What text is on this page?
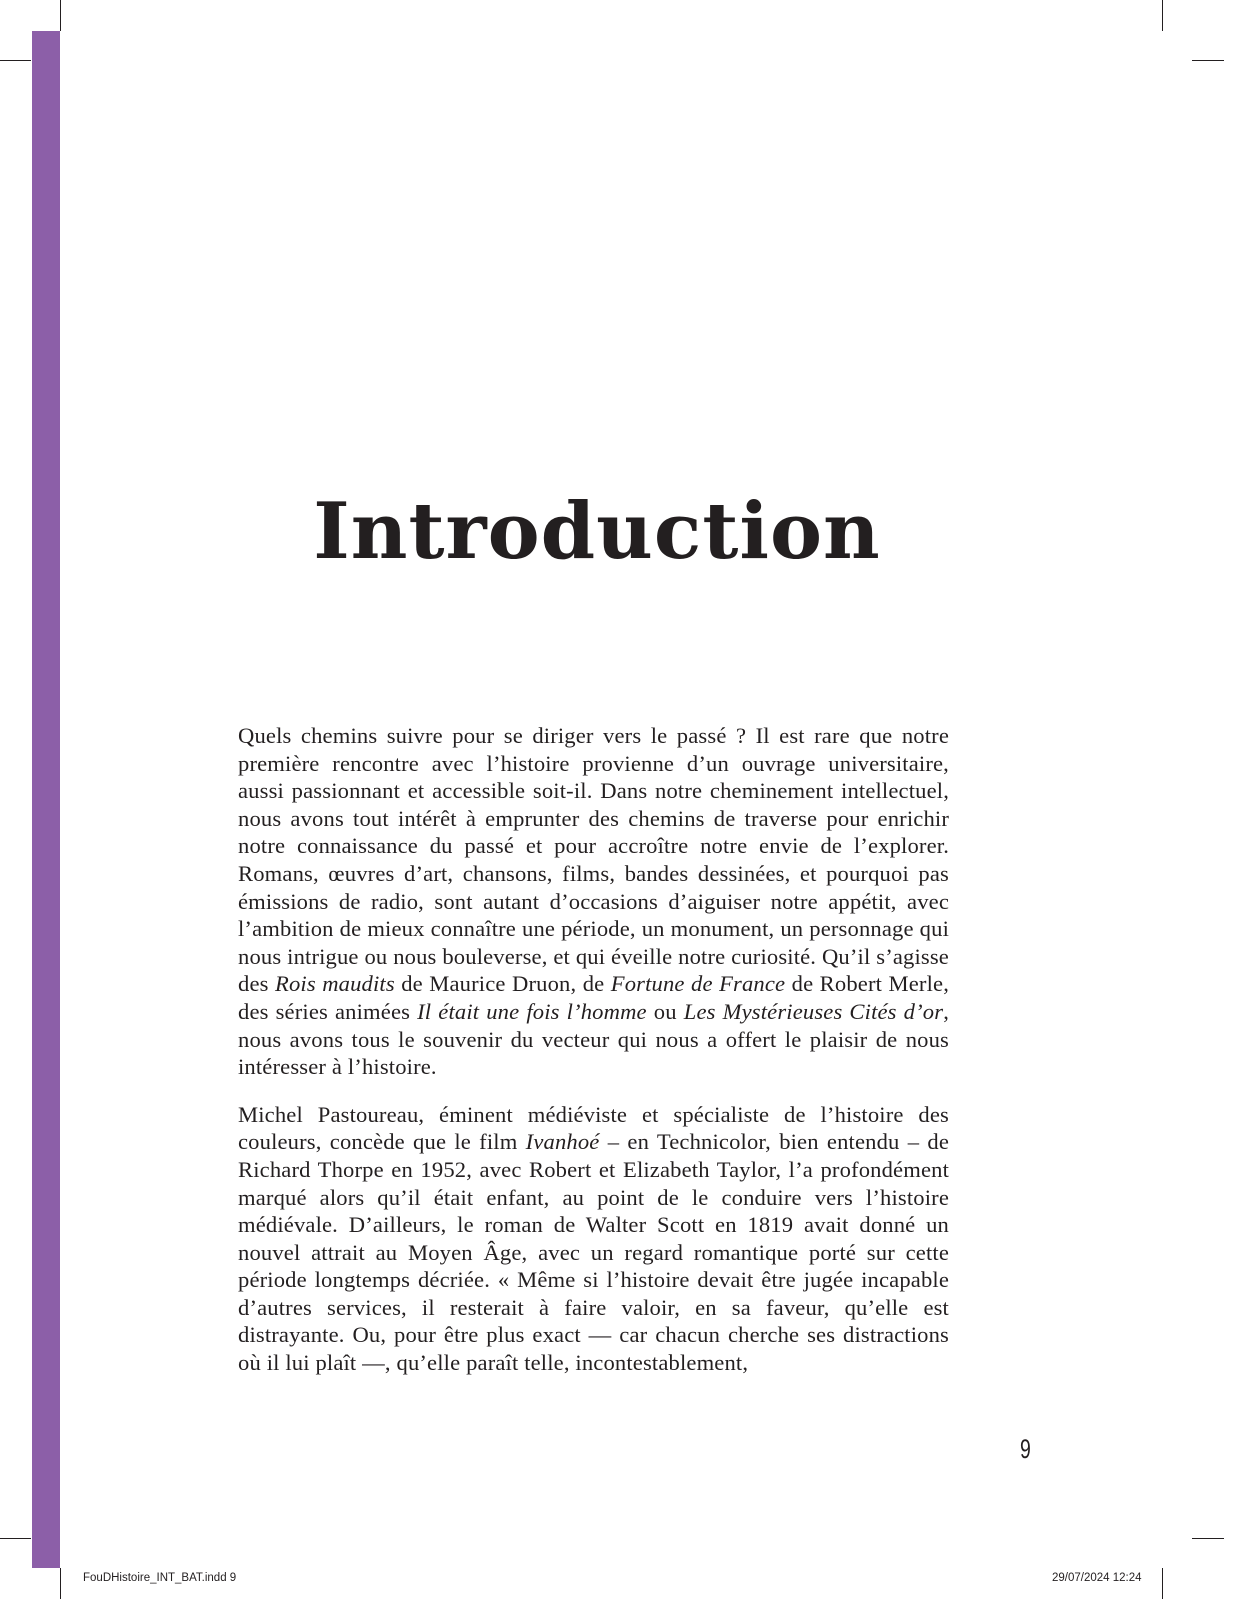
Introduction

Quels chemins suivre pour se diriger vers le passé ? Il est rare que notre première rencontre avec l’histoire provienne d’un ouvrage universitaire, aussi passionnant et accessible soit-il. Dans notre cheminement intellectuel, nous avons tout intérêt à emprunter des chemins de traverse pour enrichir notre connaissance du passé et pour accroître notre envie de l’explorer. Romans, œuvres d’art, chansons, films, bandes dessinées, et pourquoi pas émissions de radio, sont autant d’occasions d’aiguiser notre appétit, avec l’ambition de mieux connaître une période, un monument, un personnage qui nous intrigue ou nous bouleverse, et qui éveille notre curiosité. Qu’il s’agisse des Rois maudits de Maurice Druon, de Fortune de France de Robert Merle, des séries animées Il était une fois l’homme ou Les Mystérieuses Cités d’or, nous avons tous le souvenir du vecteur qui nous a offert le plaisir de nous intéresser à l’histoire.

Michel Pastoureau, éminent médiéviste et spécialiste de l’histoire des couleurs, concède que le film Ivanhoé – en Technicolor, bien entendu – de Richard Thorpe en 1952, avec Robert et Elizabeth Taylor, l’a profondément marqué alors qu’il était enfant, au point de le conduire vers l’histoire médiévale. D’ailleurs, le roman de Walter Scott en 1819 avait donné un nouvel attrait au Moyen Âge, avec un regard romantique porté sur cette période longtemps décriée. « Même si l’histoire devait être jugée incapable d’autres services, il resterait à faire valoir, en sa faveur, qu’elle est distrayante. Ou, pour être plus exact — car chacun cherche ses distractions où il lui plaît —, qu’elle paraît telle, incontestablement,

9
FouDHistoire_INT_BAT.indd 9	29/07/2024 12:24
